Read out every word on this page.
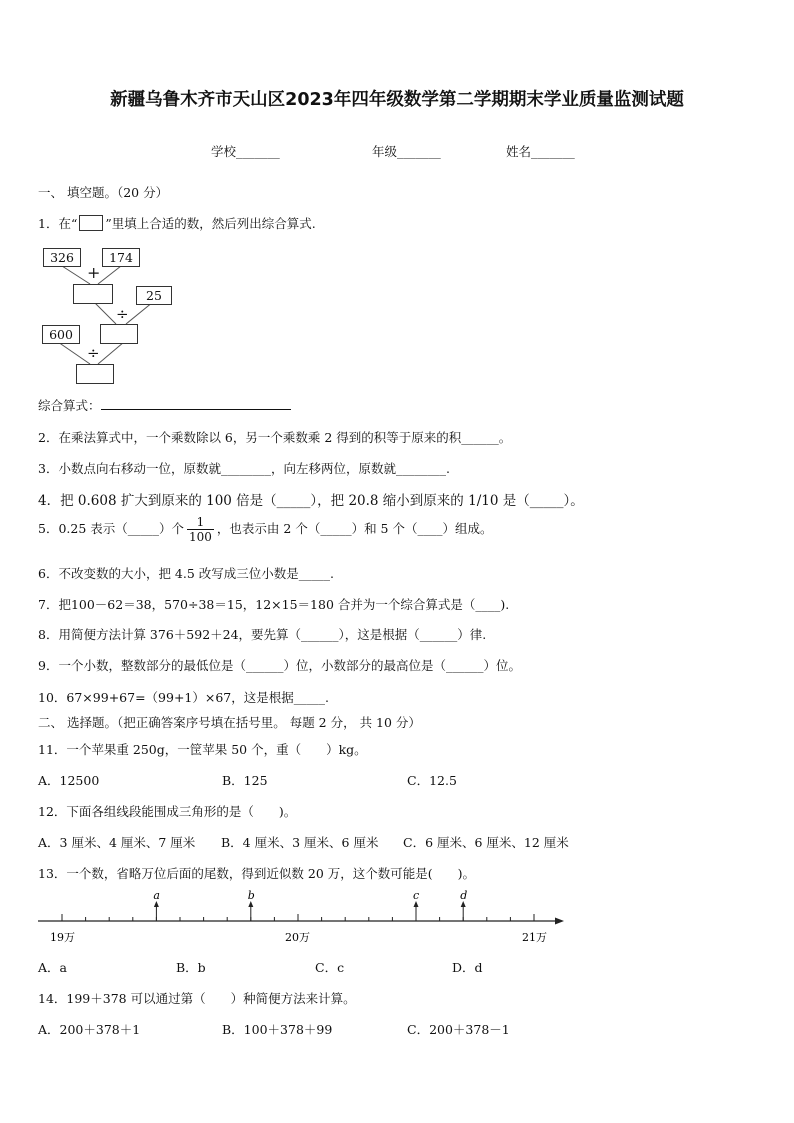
新疆乌鲁木齐市天山区2023年四年级数学第二学期期末学业质量监测试题
学校_______	年级_______	姓名_______
一、 填空题。（20 分）
1．在“ ”里填上合适的数，然后列出综合算式.
326	174
+
25
÷
600
÷
综合算式：
2．在乘法算式中，一个乘数除以 6，另一个乘数乘 2 得到的积等于原来的积______。
3．小数点向右移动一位，原数就________，向左移两位，原数就________.
4．把 0.608 扩大到原来的 100 倍是（_____），把 20.8 缩小到原来的 1/10 是（_____）。
5．0.25 表示（_____）个 $\frac{1}{100}$ ，也表示由 2 个（_____）和 5 个（____）组成。
6．不改变数的大小，把 4.5 改写成三位小数是_____.
7．把100－62＝38，570÷38＝15，12×15＝180 合并为一个综合算式是（____).
8．用简便方法计算 376＋592＋24，要先算（______），这是根据（______）律.
9．一个小数，整数部分的最低位是（______）位，小数部分的最高位是（______）位。
10．67×99+67=（99+1）×67，这是根据_____.
二、 选择题。（把正确答案序号填在括号里。 每题 2 分， 共 10 分）
11．一个苹果重 250g，一筐苹果 50 个，重（　　）kg。
A．12500	B．125	C．12.5
12．下面各组线段能围成三角形的是（　　)。
A．3 厘米、4 厘米、7 厘米 B．4 厘米、3 厘米、6 厘米 C．6 厘米、6 厘米、12 厘米
13．一个数，省略万位后面的尾数，得到近似数 20 万，这个数可能是(　　)。
a	b	c	d
19万	20万	21万
A．a	B．b	C．c	D．d
14．199＋378 可以通过第（　　）种简便方法来计算。
A．200＋378＋1	B．100＋378＋99	C．200＋378－1
